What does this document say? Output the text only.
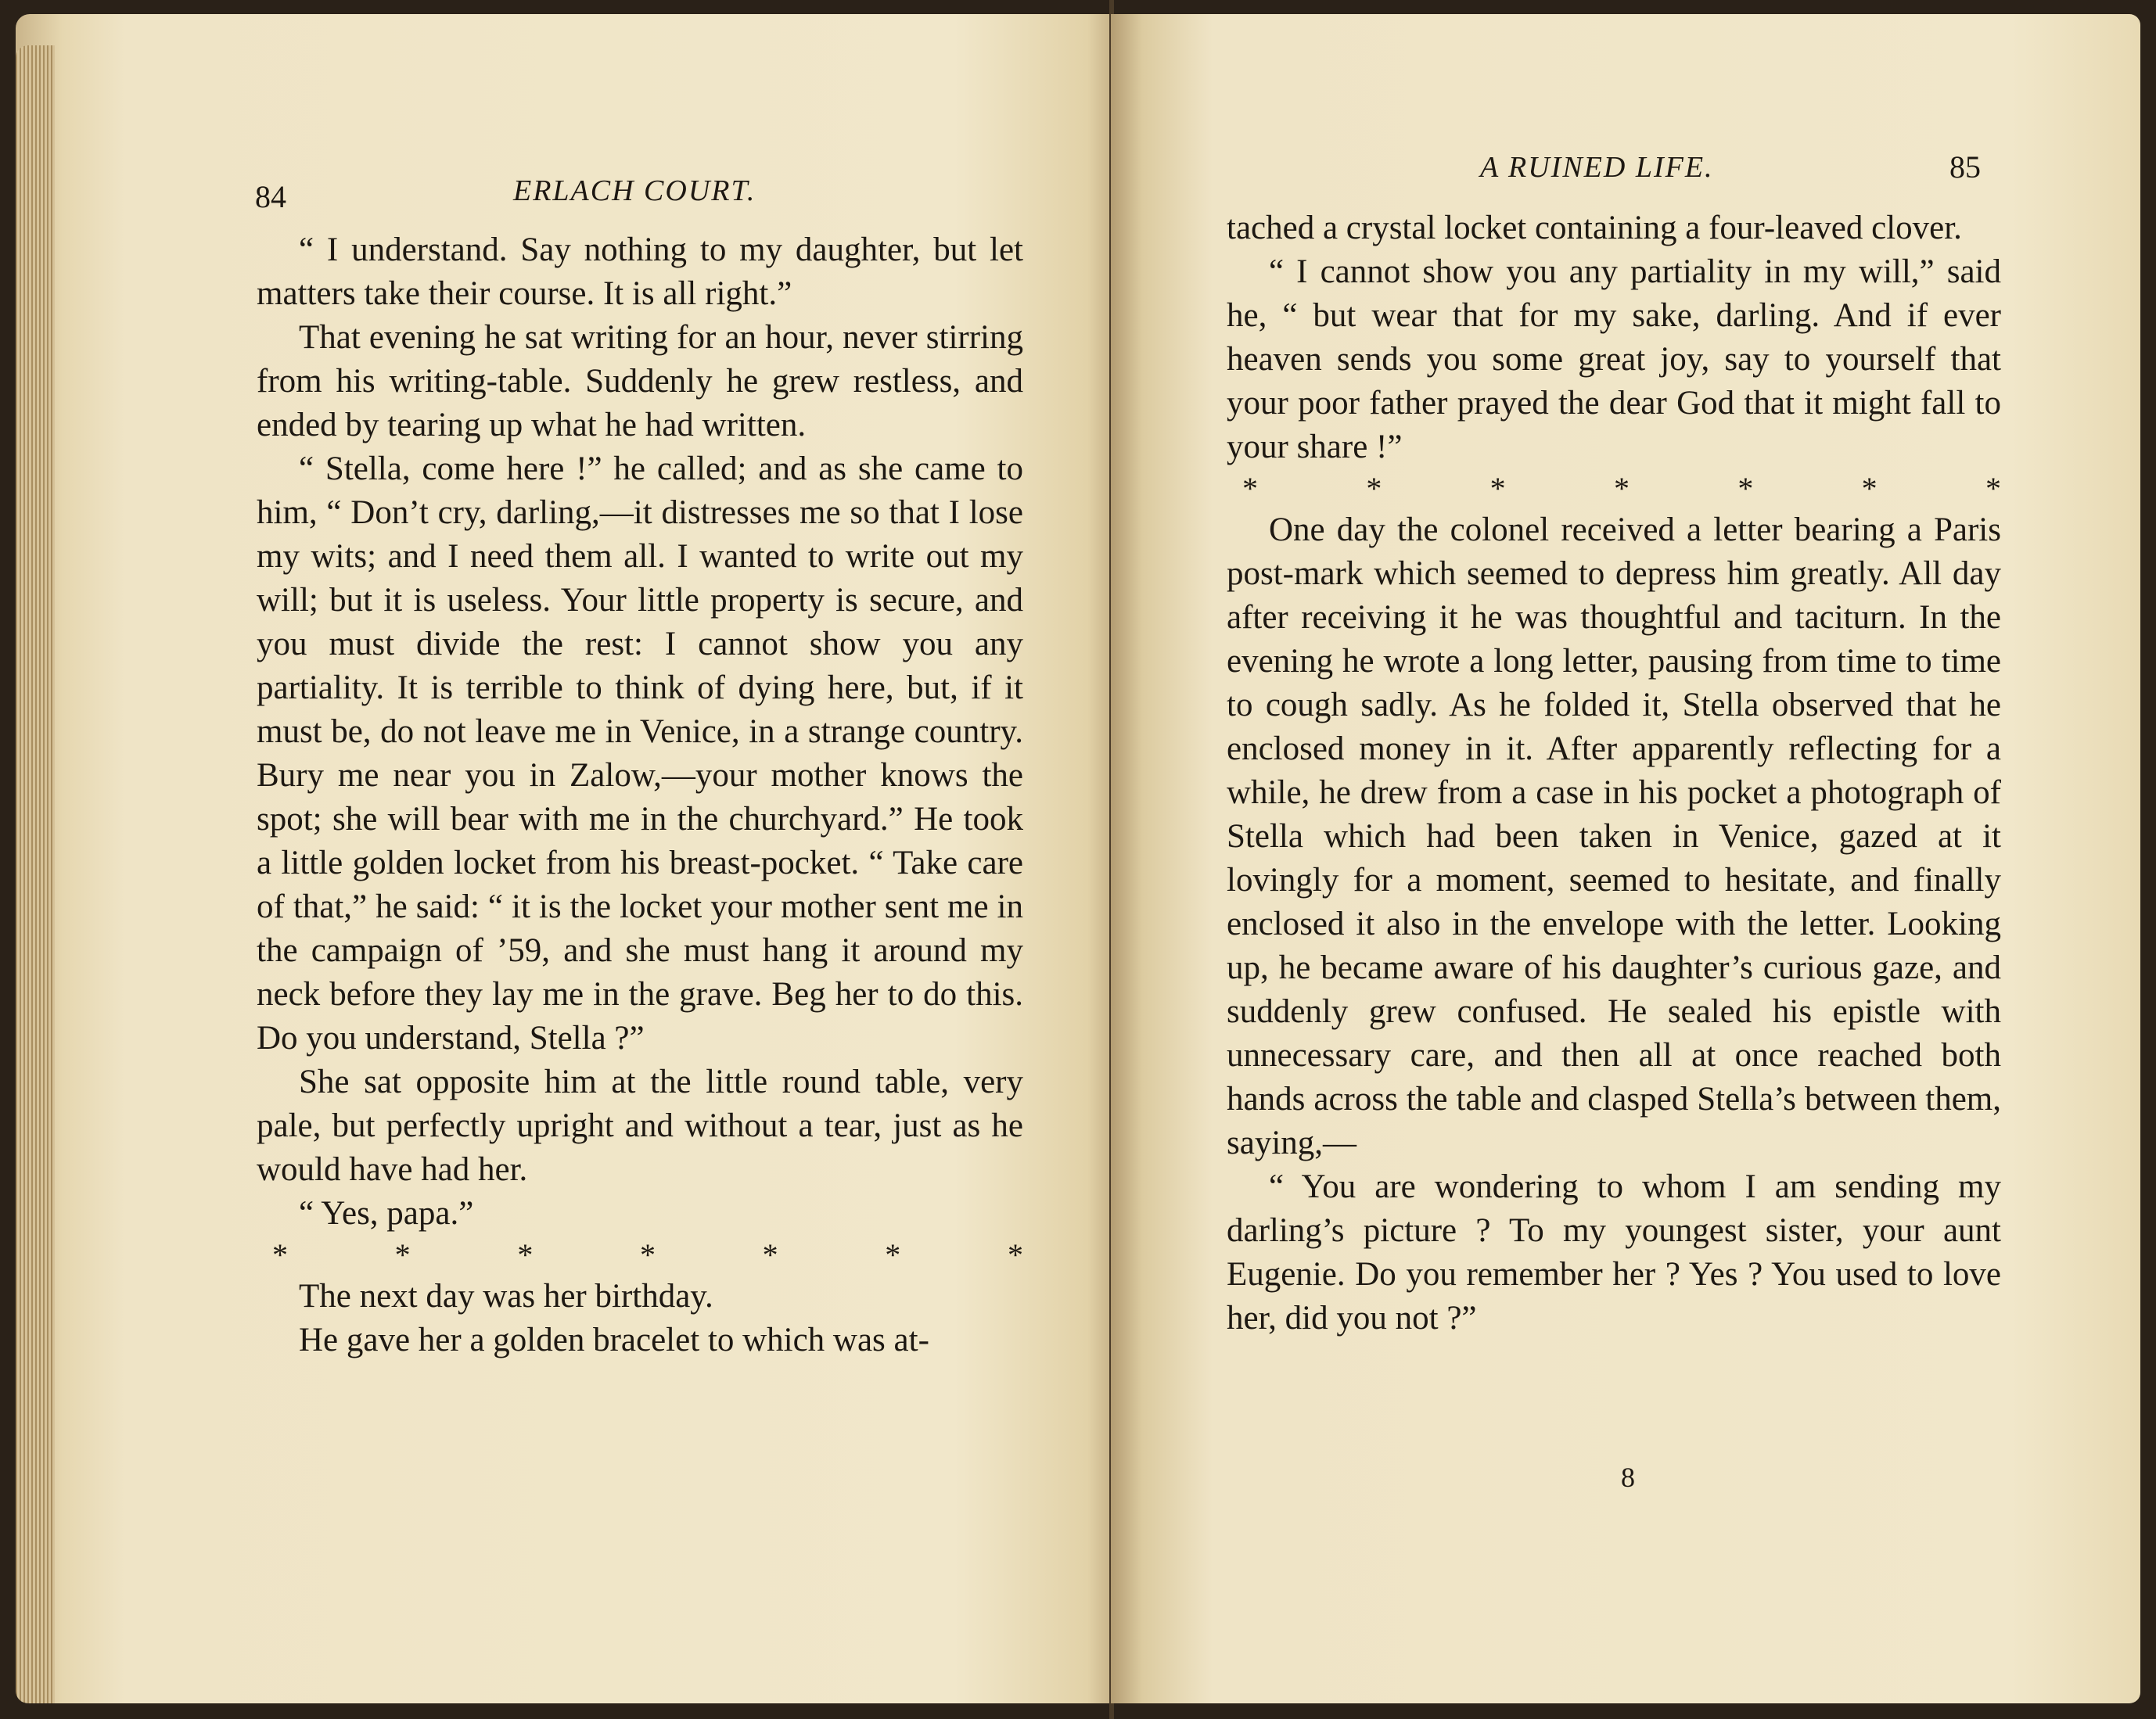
84	ERLACH COURT.

“ I understand. Say nothing to my daughter, but let matters take their course. It is all right.”

That evening he sat writing for an hour, never stirring from his writing-table. Suddenly he grew restless, and ended by tearing up what he had written.

“ Stella, come here !” he called; and as she came to him, “ Don’t cry, darling,—it distresses me so that I lose my wits; and I need them all. I wanted to write out my will; but it is useless. Your little property is secure, and you must divide the rest: I cannot show you any partiality. It is terrible to think of dying here, but, if it must be, do not leave me in Venice, in a strange country. Bury me near you in Zalow,—your mother knows the spot; she will bear with me in the churchyard.” He took a little golden locket from his breast-pocket. “ Take care of that,” he said: “ it is the locket your mother sent me in the campaign of ’59, and she must hang it around my neck before they lay me in the grave. Beg her to do this. Do you understand, Stella ?”

She sat opposite him at the little round table, very pale, but perfectly upright and without a tear, just as he would have had her.

“ Yes, papa.”

*	*	*	*	*	*	*

The next day was her birthday.

He gave her a golden bracelet to which was at-

A RUINED LIFE.	85

tached a crystal locket containing a four-leaved clover.

“ I cannot show you any partiality in my will,” said he, “ but wear that for my sake, darling. And if ever heaven sends you some great joy, say to yourself that your poor father prayed the dear God that it might fall to your share !”

*	*	*	*	*	*	*

One day the colonel received a letter bearing a Paris post-mark which seemed to depress him greatly. All day after receiving it he was thoughtful and taciturn. In the evening he wrote a long letter, pausing from time to time to cough sadly. As he folded it, Stella observed that he enclosed money in it. After apparently reflecting for a while, he drew from a case in his pocket a photograph of Stella which had been taken in Venice, gazed at it lovingly for a moment, seemed to hesitate, and finally enclosed it also in the envelope with the letter. Looking up, he became aware of his daughter’s curious gaze, and suddenly grew confused. He sealed his epistle with unnecessary care, and then all at once reached both hands across the table and clasped Stella’s between them, saying,—

“ You are wondering to whom I am sending my darling’s picture ? To my youngest sister, your aunt Eugenie. Do you remember her ? Yes ? You used to love her, did you not ?”

8
